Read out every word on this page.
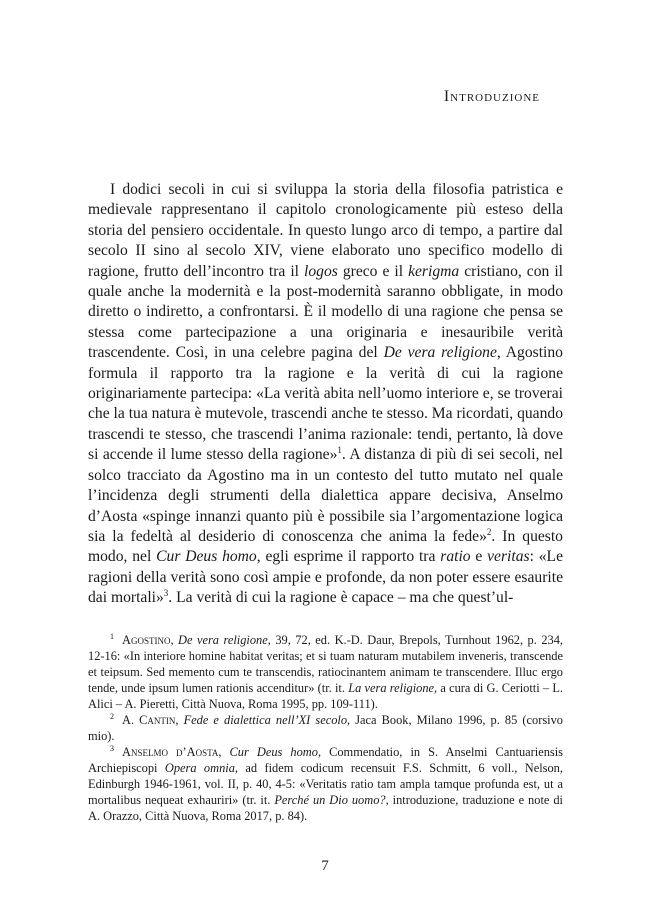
Introduzione

I dodici secoli in cui si sviluppa la storia della filosofia patristica e medievale rappresentano il capitolo cronologicamente più esteso della storia del pensiero occidentale. In questo lungo arco di tempo, a partire dal secolo II sino al secolo XIV, viene elaborato uno specifico modello di ragione, frutto dell’incontro tra il logos greco e il kerigma cristiano, con il quale anche la modernità e la post-modernità saranno obbligate, in modo diretto o indiretto, a confrontarsi. È il modello di una ragione che pensa se stessa come partecipazione a una originaria e inesauribile verità trascendente. Così, in una celebre pagina del De vera religione, Agostino formula il rapporto tra la ragione e la verità di cui la ragione originariamente partecipa: «La verità abita nell’uomo interiore e, se troverai che la tua natura è mutevole, trascendi anche te stesso. Ma ricordati, quando trascendi te stesso, che trascendi l’anima razionale: tendi, pertanto, là dove si accende il lume stesso della ragione»$^1$. A distanza di più di sei secoli, nel solco tracciato da Agostino ma in un contesto del tutto mutato nel quale l’incidenza degli strumenti della dialettica appare decisiva, Anselmo d’Aosta «spinge innanzi quanto più è possibile sia l’argomentazione logica sia la fedeltà al desiderio di conoscenza che anima la fede»$^2$. In questo modo, nel Cur Deus homo, egli esprime il rapporto tra ratio e veritas: «Le ragioni della verità sono così ampie e profonde, da non poter essere esaurite dai mortali»$^3$. La verità di cui la ragione è capace – ma che quest’ul-

$^1$ Agostino, De vera religione, 39, 72, ed. K.-D. Daur, Brepols, Turnhout 1962, p. 234, 12-16: «In interiore homine habitat veritas; et si tuam naturam mutabilem inveneris, transcende et teipsum. Sed memento cum te transcendis, ratiocinantem animam te transcendere. Illuc ergo tende, unde ipsum lumen rationis accenditur» (tr. it. La vera religione, a cura di G. Ceriotti – L. Alici – A. Pieretti, Città Nuova, Roma 1995, pp. 109-111).

$^2$ A. Cantin, Fede e dialettica nell’XI secolo, Jaca Book, Milano 1996, p. 85 (corsivo mio).

$^3$ Anselmo d’Aosta, Cur Deus homo, Commendatio, in S. Anselmi Cantuariensis Archiepiscopi Opera omnia, ad fidem codicum recensuit F.S. Schmitt, 6 voll., Nelson, Edinburgh 1946-1961, vol. II, p. 40, 4-5: «Veritatis ratio tam ampla tamque profunda est, ut a mortalibus nequeat exhauriri» (tr. it. Perché un Dio uomo?, introduzione, traduzione e note di A. Orazzo, Città Nuova, Roma 2017, p. 84).

7
